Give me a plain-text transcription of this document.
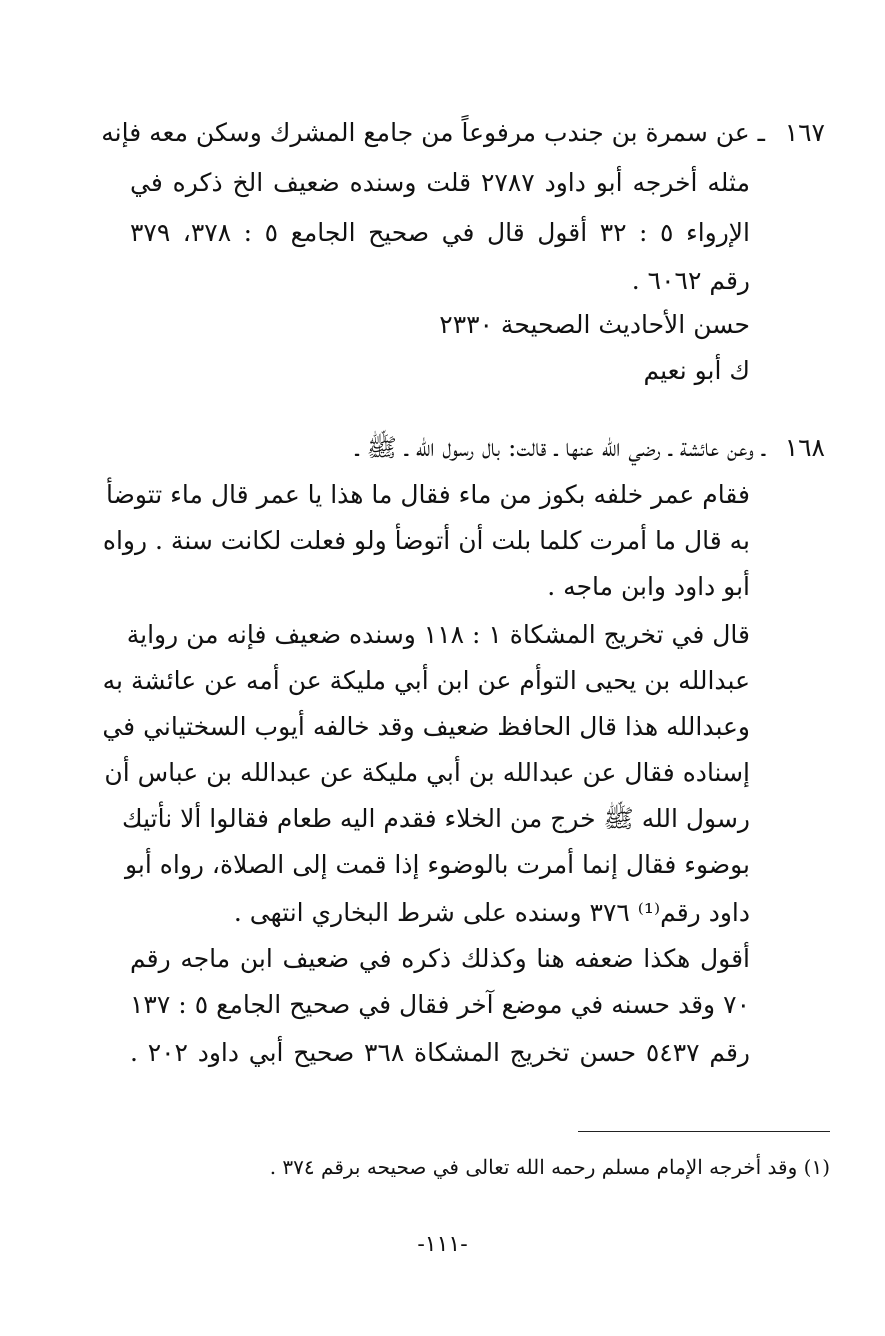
١٦٧ـ عن سمرة بن جندب مرفوعاً من جامع المشرك وسكن معه فإنه
مثله أخرجه أبو داود ٢٧٨٧ قلت وسنده ضعيف الخ ذكره في
الإرواء ٥ : ٣٢ أقول قال في صحيح الجامع ٥ : ٣٧٨، ٣٧٩
رقم ٦٠٦٢ .
حسن الأحاديث الصحيحة ٢٣٣٠
ك أبو نعيم
١٦٨ـ وعن عائشة ـ رضي الله عنها ـ قالت: بال رسول الله ـ ﷺ ـ
فقام عمر خلفه بكوز من ماء فقال ما هذا يا عمر قال ماء تتوضأ
به قال ما أمرت كلما بلت أن أتوضأ ولو فعلت لكانت سنة . رواه
أبو داود وابن ماجه .
قال في تخريج المشكاة ١ : ١١٨ وسنده ضعيف فإنه من رواية
عبدالله بن يحيى التوأم عن ابن أبي مليكة عن أمه عن عائشة به
وعبدالله هذا قال الحافظ ضعيف وقد خالفه أيوب السختياني في
إسناده فقال عن عبدالله بن أبي مليكة عن عبدالله بن عباس أن
رسول الله ﷺ خرج من الخلاء فقدم اليه طعام فقالوا ألا نأتيك
بوضوء فقال إنما أمرت بالوضوء إذا قمت إلى الصلاة، رواه أبو
داود رقم⁽¹⁾ ٣٧٦ وسنده على شرط البخاري انتهى .
أقول هكذا ضعفه هنا وكذلك ذكره في ضعيف ابن ماجه رقم
٧٠ وقد حسنه في موضع آخر فقال في صحيح الجامع ٥ : ١٣٧
رقم ٥٤٣٧ حسن تخريج المشكاة ٣٦٨ صحيح أبي داود ٢٠٢ .
(١) وقد أخرجه الإمام مسلم رحمه الله تعالى في صحيحه برقم ٣٧٤ .
-١١١-
